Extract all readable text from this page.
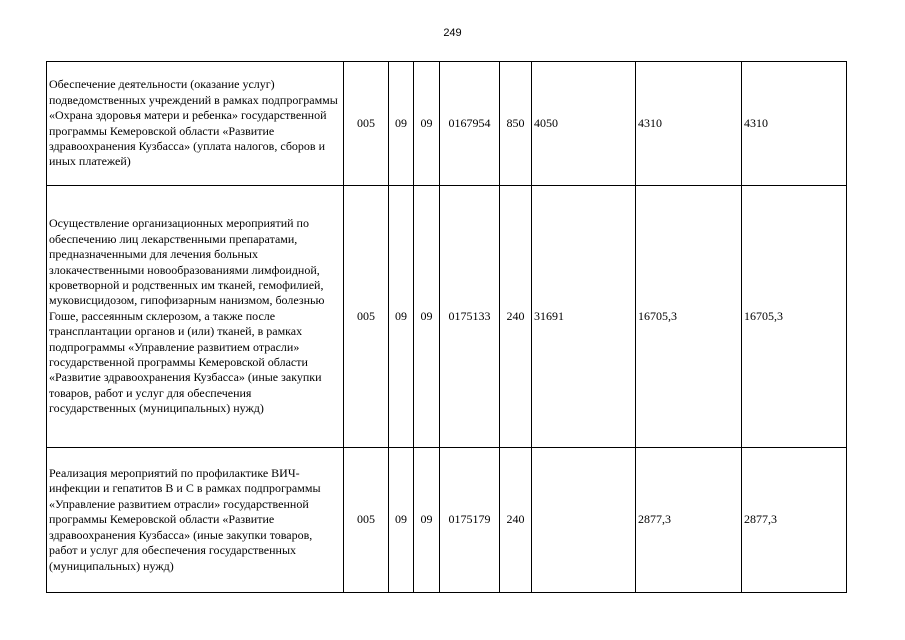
249
Обеспечение деятельности (оказание услуг) подведомственных учреждений в рамках подпрограммы «Охрана здоровья матери и ребенка» государственной программы Кемеровской области «Развитие здравоохранения Кузбасса» (уплата налогов, сборов и иных платежей)	005	09	09	0167954	850	4050	4310	4310
Осуществление организационных мероприятий по обеспечению лиц лекарственными препаратами, предназначенными для лечения больных злокачественными новообразованиями лимфоидной, кроветворной и родственных им тканей, гемофилией, муковисцидозом, гипофизарным нанизмом, болезнью Гоше, рассеянным склерозом, а также после трансплантации органов и (или) тканей, в рамках подпрограммы «Управление развитием отрасли» государственной программы Кемеровской области «Развитие здравоохранения Кузбасса» (иные закупки товаров, работ и услуг для обеспечения государственных (муниципальных) нужд)	005	09	09	0175133	240	31691	16705,3	16705,3
Реализация мероприятий по профилактике ВИЧ-инфекции и гепатитов В и С в рамках подпрограммы «Управление развитием отрасли» государственной программы Кемеровской области «Развитие здравоохранения Кузбасса» (иные закупки товаров, работ и услуг для обеспечения государственных (муниципальных) нужд)	005	09	09	0175179	240		2877,3	2877,3
